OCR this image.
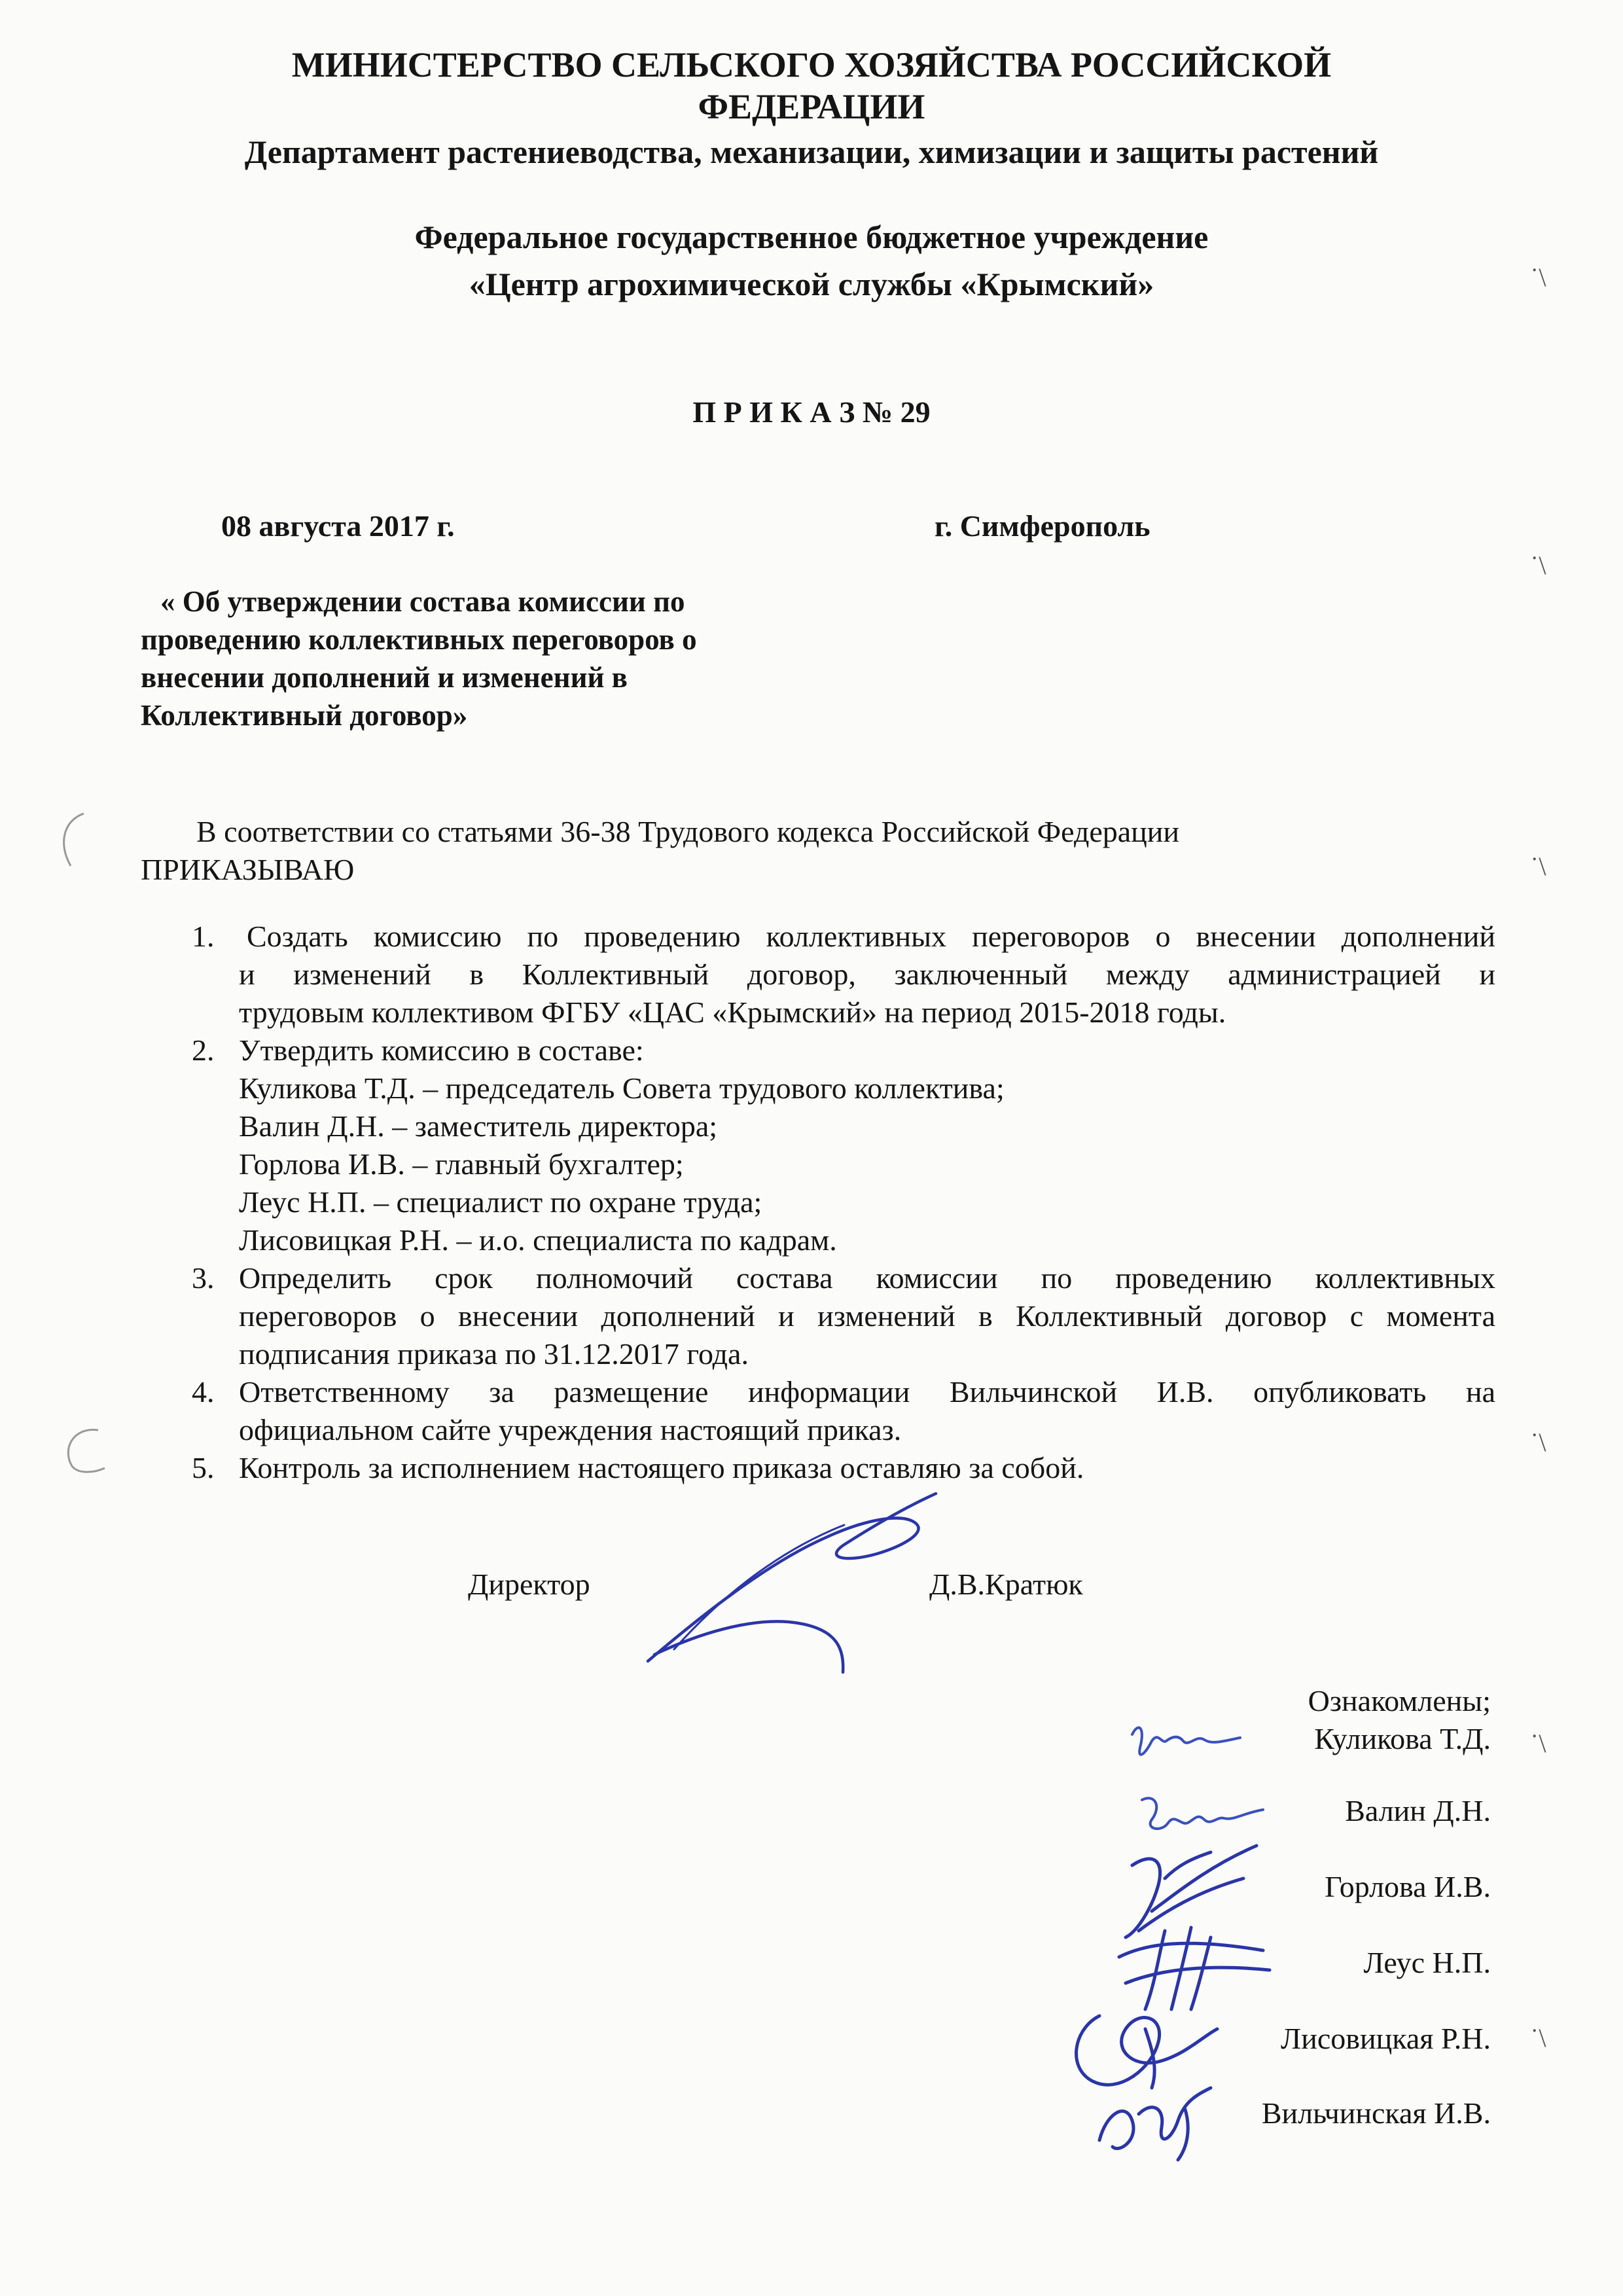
МИНИСТЕРСТВО СЕЛЬСКОГО ХОЗЯЙСТВА РОССИЙСКОЙ
ФЕДЕРАЦИИ
Департамент растениеводства, механизации, химизации и защиты растений
Федеральное государственное бюджетное учреждение
«Центр агрохимической службы «Крымский»
П Р И К А З № 29
08 августа 2017 г.	г. Симферополь
« Об утверждении состава комиссии по
проведению коллективных переговоров о
внесении дополнений и изменений в
Коллективный договор»
В соответствии со статьями 36-38 Трудового кодекса Российской Федерации
ПРИКАЗЫВАЮ
1. Создать комиссию по проведению коллективных переговоров о внесении дополнений
и изменений в Коллективный договор, заключенный между администрацией и
трудовым коллективом ФГБУ «ЦАС «Крымский» на период 2015-2018 годы.
2. Утвердить комиссию в составе:
Куликова Т.Д. – председатель Совета трудового коллектива;
Валин Д.Н. – заместитель директора;
Горлова И.В. – главный бухгалтер;
Леус Н.П. – специалист по охране труда;
Лисовицкая Р.Н. – и.о. специалиста по кадрам.
3. Определить срок полномочий состава комиссии по проведению коллективных
переговоров о внесении дополнений и изменений в Коллективный договор с момента
подписания приказа по 31.12.2017 года.
4. Ответственному за размещение информации Вильчинской И.В. опубликовать на
официальном сайте учреждения настоящий приказ.
5. Контроль за исполнением настоящего приказа оставляю за собой.
Директор	Д.В.Кратюк
Ознакомлены;
Куликова Т.Д.
Валин Д.Н.
Горлова И.В.
Леус Н.П.
Лисовицкая Р.Н.
Вильчинская И.В.
˙\
˙\
˙\
˙\
˙\
˙\
